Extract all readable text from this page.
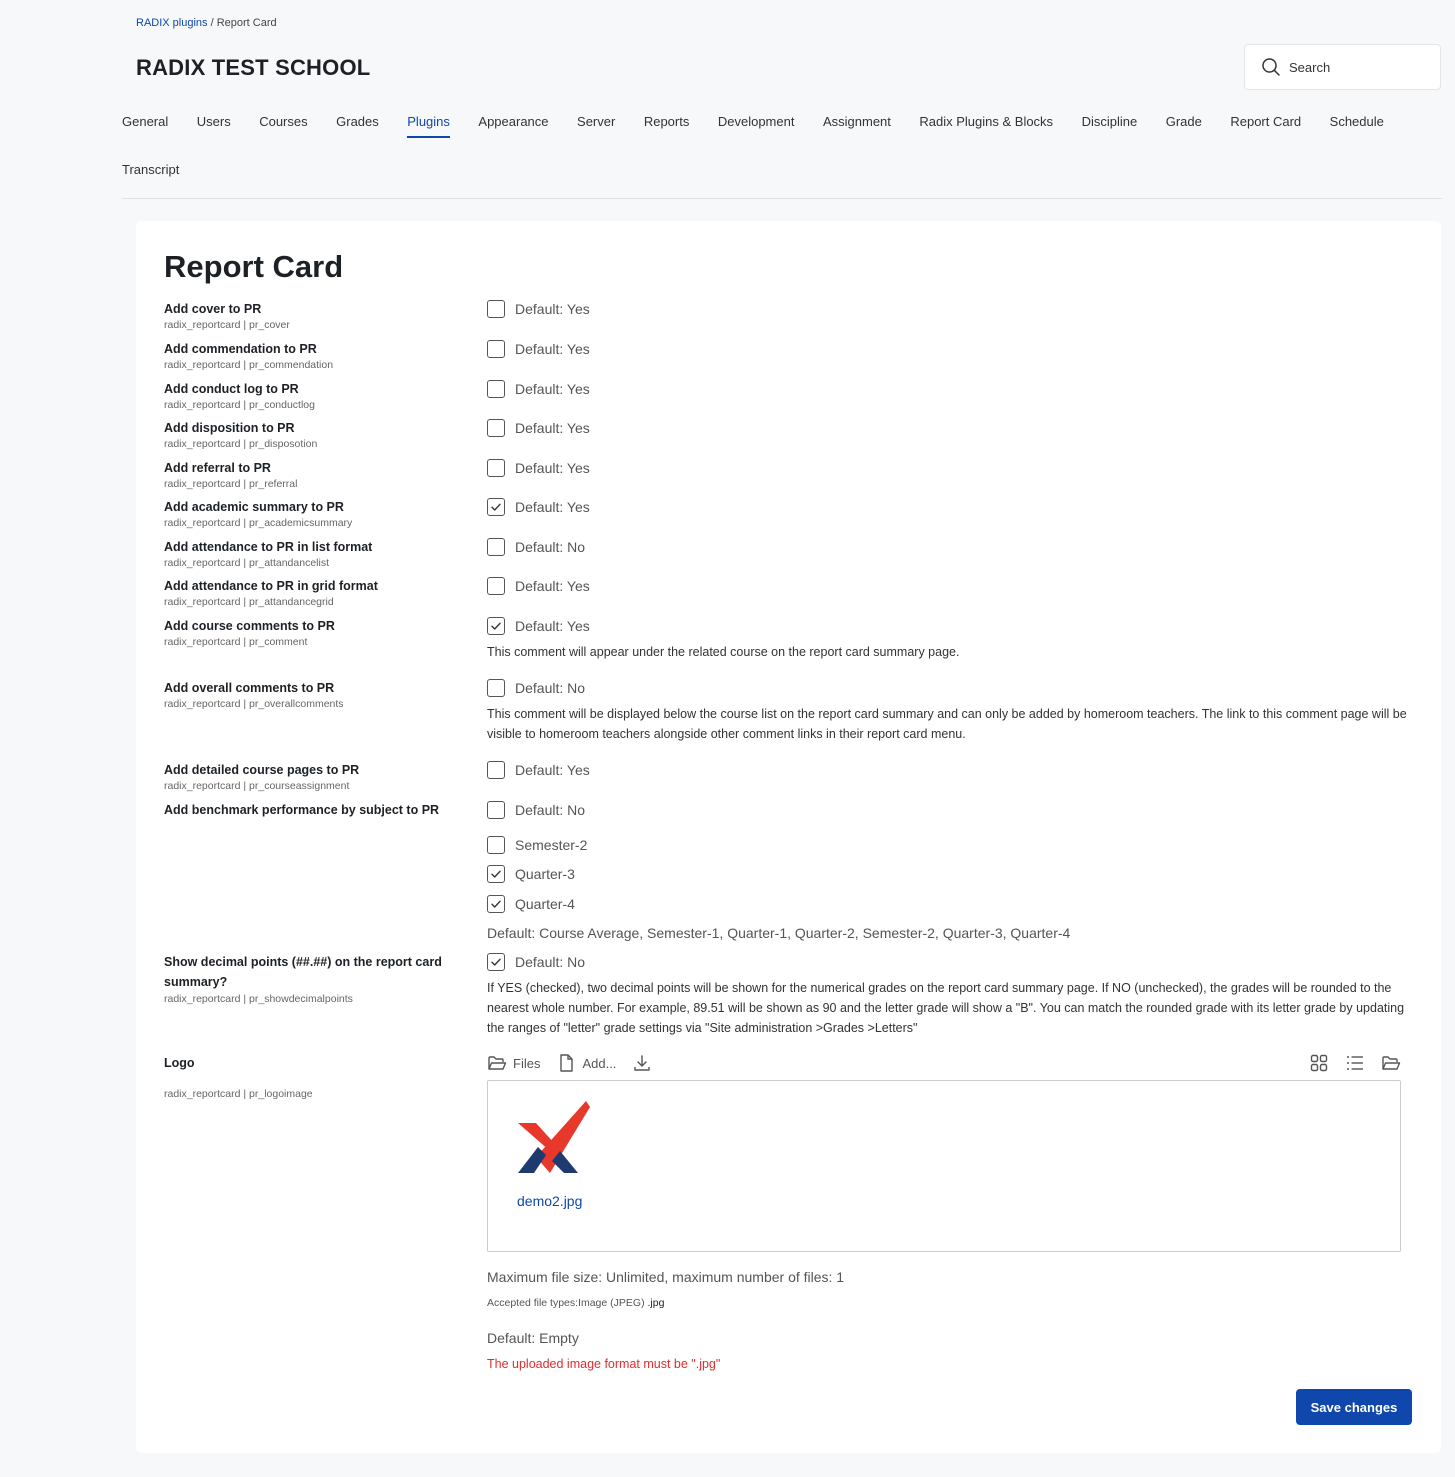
RADIX plugins / Report Card
RADIX TEST SCHOOL	Search
General Users Courses Grades Plugins Appearance Server Reports Development Assignment Radix Plugins & Blocks Discipline Grade Report Card Schedule
Transcript
Report Card
Add cover to PR
radix_reportcard | pr_cover
Default: Yes
Add commendation to PR
radix_reportcard | pr_commendation
Default: Yes
Add conduct log to PR
radix_reportcard | pr_conductlog
Default: Yes
Add disposition to PR
radix_reportcard | pr_disposotion
Default: Yes
Add referral to PR
radix_reportcard | pr_referral
Default: Yes
Add academic summary to PR
radix_reportcard | pr_academicsummary
Default: Yes
Add attendance to PR in list format
radix_reportcard | pr_attandancelist
Default: No
Add attendance to PR in grid format
radix_reportcard | pr_attandancegrid
Default: Yes
Add course comments to PR
radix_reportcard | pr_comment
Default: Yes
This comment will appear under the related course on the report card summary page.
Add overall comments to PR
radix_reportcard | pr_overallcomments
Default: No
This comment will be displayed below the course list on the report card summary and can only be added by homeroom teachers. The link to this comment page will be visible to homeroom teachers alongside other comment links in their report card menu.
Add detailed course pages to PR
radix_reportcard | pr_courseassignment
Default: Yes
Add benchmark performance by subject to PR	Default: No
Semester-2
Quarter-3
Quarter-4
Default: Course Average, Semester-1, Quarter-1, Quarter-2, Semester-2, Quarter-3, Quarter-4
Show decimal points (##.##) on the report card summary?
radix_reportcard | pr_showdecimalpoints
Default: No
If YES (checked), two decimal points will be shown for the numerical grades on the report card summary page. If NO (unchecked), the grades will be rounded to the nearest whole number. For example, 89.51 will be shown as 90 and the letter grade will show a "B". You can match the rounded grade with its letter grade by updating the ranges of "letter" grade settings via "Site administration >Grades >Letters"
Logo
radix_reportcard | pr_logoimage
Files	Add...
demo2.jpg
Maximum file size: Unlimited, maximum number of files: 1
Accepted file types:Image (JPEG) .jpg
Default: Empty
The uploaded image format must be ".jpg"
Save changes
